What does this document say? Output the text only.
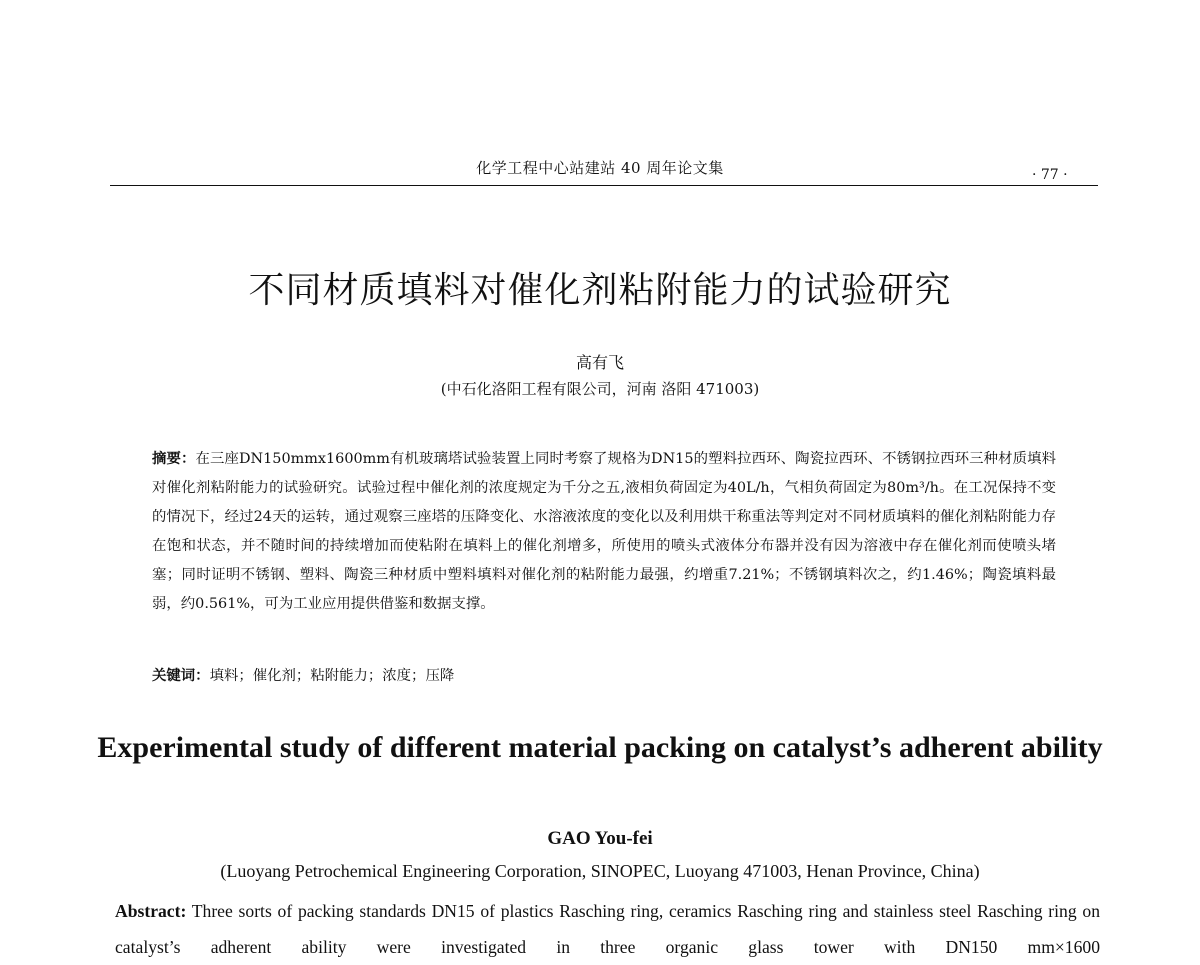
化学工程中心站建站 40 周年论文集	· 77 ·
不同材质填料对催化剂粘附能力的试验研究
高有飞
(中石化洛阳工程有限公司，河南 洛阳 471003)
摘要：在三座DN150mmx1600mm有机玻璃塔试验装置上同时考察了规格为DN15的塑料拉西环、陶瓷拉西环、不锈钢拉西环三种材质填料对催化剂粘附能力的试验研究。试验过程中催化剂的浓度规定为千分之五,液相负荷固定为40L/h，气相负荷固定为80m³/h。在工况保持不变的情况下，经过24天的运转，通过观察三座塔的压降变化、水溶液浓度的变化以及利用烘干称重法等判定对不同材质填料的催化剂粘附能力存在饱和状态，并不随时间的持续增加而使粘附在填料上的催化剂增多，所使用的喷头式液体分布器并没有因为溶液中存在催化剂而使喷头堵塞；同时证明不锈钢、塑料、陶瓷三种材质中塑料填料对催化剂的粘附能力最强，约增重7.21%；不锈钢填料次之，约1.46%；陶瓷填料最弱，约0.561%，可为工业应用提供借鉴和数据支撑。
关键词：填料；催化剂；粘附能力；浓度；压降
Experimental study of different material packing on catalyst’s adherent ability
GAO You-fei
(Luoyang Petrochemical Engineering Corporation, SINOPEC, Luoyang 471003, Henan Province, China)
Abstract: Three sorts of packing standards DN15 of plastics Rasching ring, ceramics Rasching ring and stainless steel Rasching ring on catalyst’s adherent ability were investigated in three organic glass tower with DN150 mm×1600
